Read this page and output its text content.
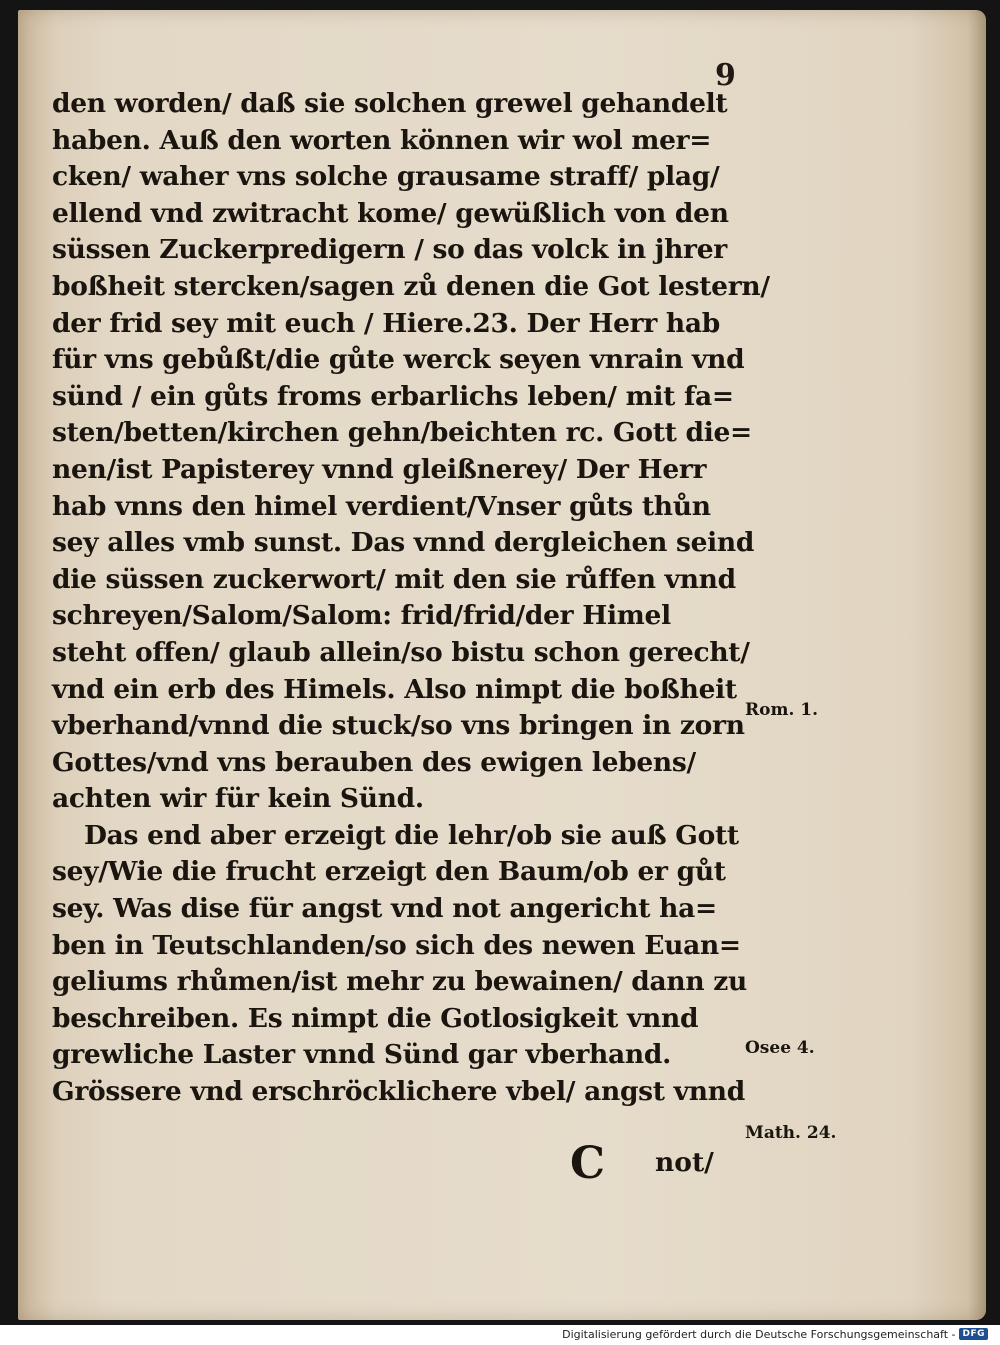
9
den worden/ daß sie solchen grewel gehandelt
haben. Auß den worten können wir wol mer=
cken/ waher vns solche grausame straff/ plag/
ellend vnd zwitracht kome/ gewüßlich von den
süssen Zuckerpredigern / so das volck in jhrer
boßheit stercken/sagen zů denen die Got lestern/
der frid sey mit euch / Hiere.23. Der Herr hab
für vns gebůßt/die gůte werck seyen vnrain vnd
sünd / ein gůts froms erbarlichs leben/ mit fa=
sten/betten/kirchen gehn/beichten rc. Gott die=
nen/ist Papisterey vnnd gleißnerey/ Der Herr
hab vnns den himel verdient/Vnser gůts thůn
sey alles vmb sunst. Das vnnd dergleichen seind
die süssen zuckerwort/ mit den sie růffen vnnd
schreyen/Salom/Salom: frid/frid/der Himel
steht offen/ glaub allein/so bistu schon gerecht/
vnd ein erb des Himels. Also nimpt die boßheit
vberhand/vnnd die stuck/so vns bringen in zorn
Gottes/vnd vns berauben des ewigen lebens/
achten wir für kein Sünd.
Das end aber erzeigt die lehr/ob sie auß Gott
sey/Wie die frucht erzeigt den Baum/ob er gůt
sey. Was dise für angst vnd not angericht ha=
ben in Teutschlanden/so sich des newen Euan=
geliums rhůmen/ist mehr zu bewainen/ dann zu
beschreiben. Es nimpt die Gotlosigkeit vnnd
grewliche Laster vnnd Sünd gar vberhand.
Grössere vnd erschröcklichere vbel/ angst vnnd
Rom. 1.
Osee 4.
Math. 24.
C not/
Digitalisierung gefördert durch die Deutsche Forschungsgemeinschaft - DFG
